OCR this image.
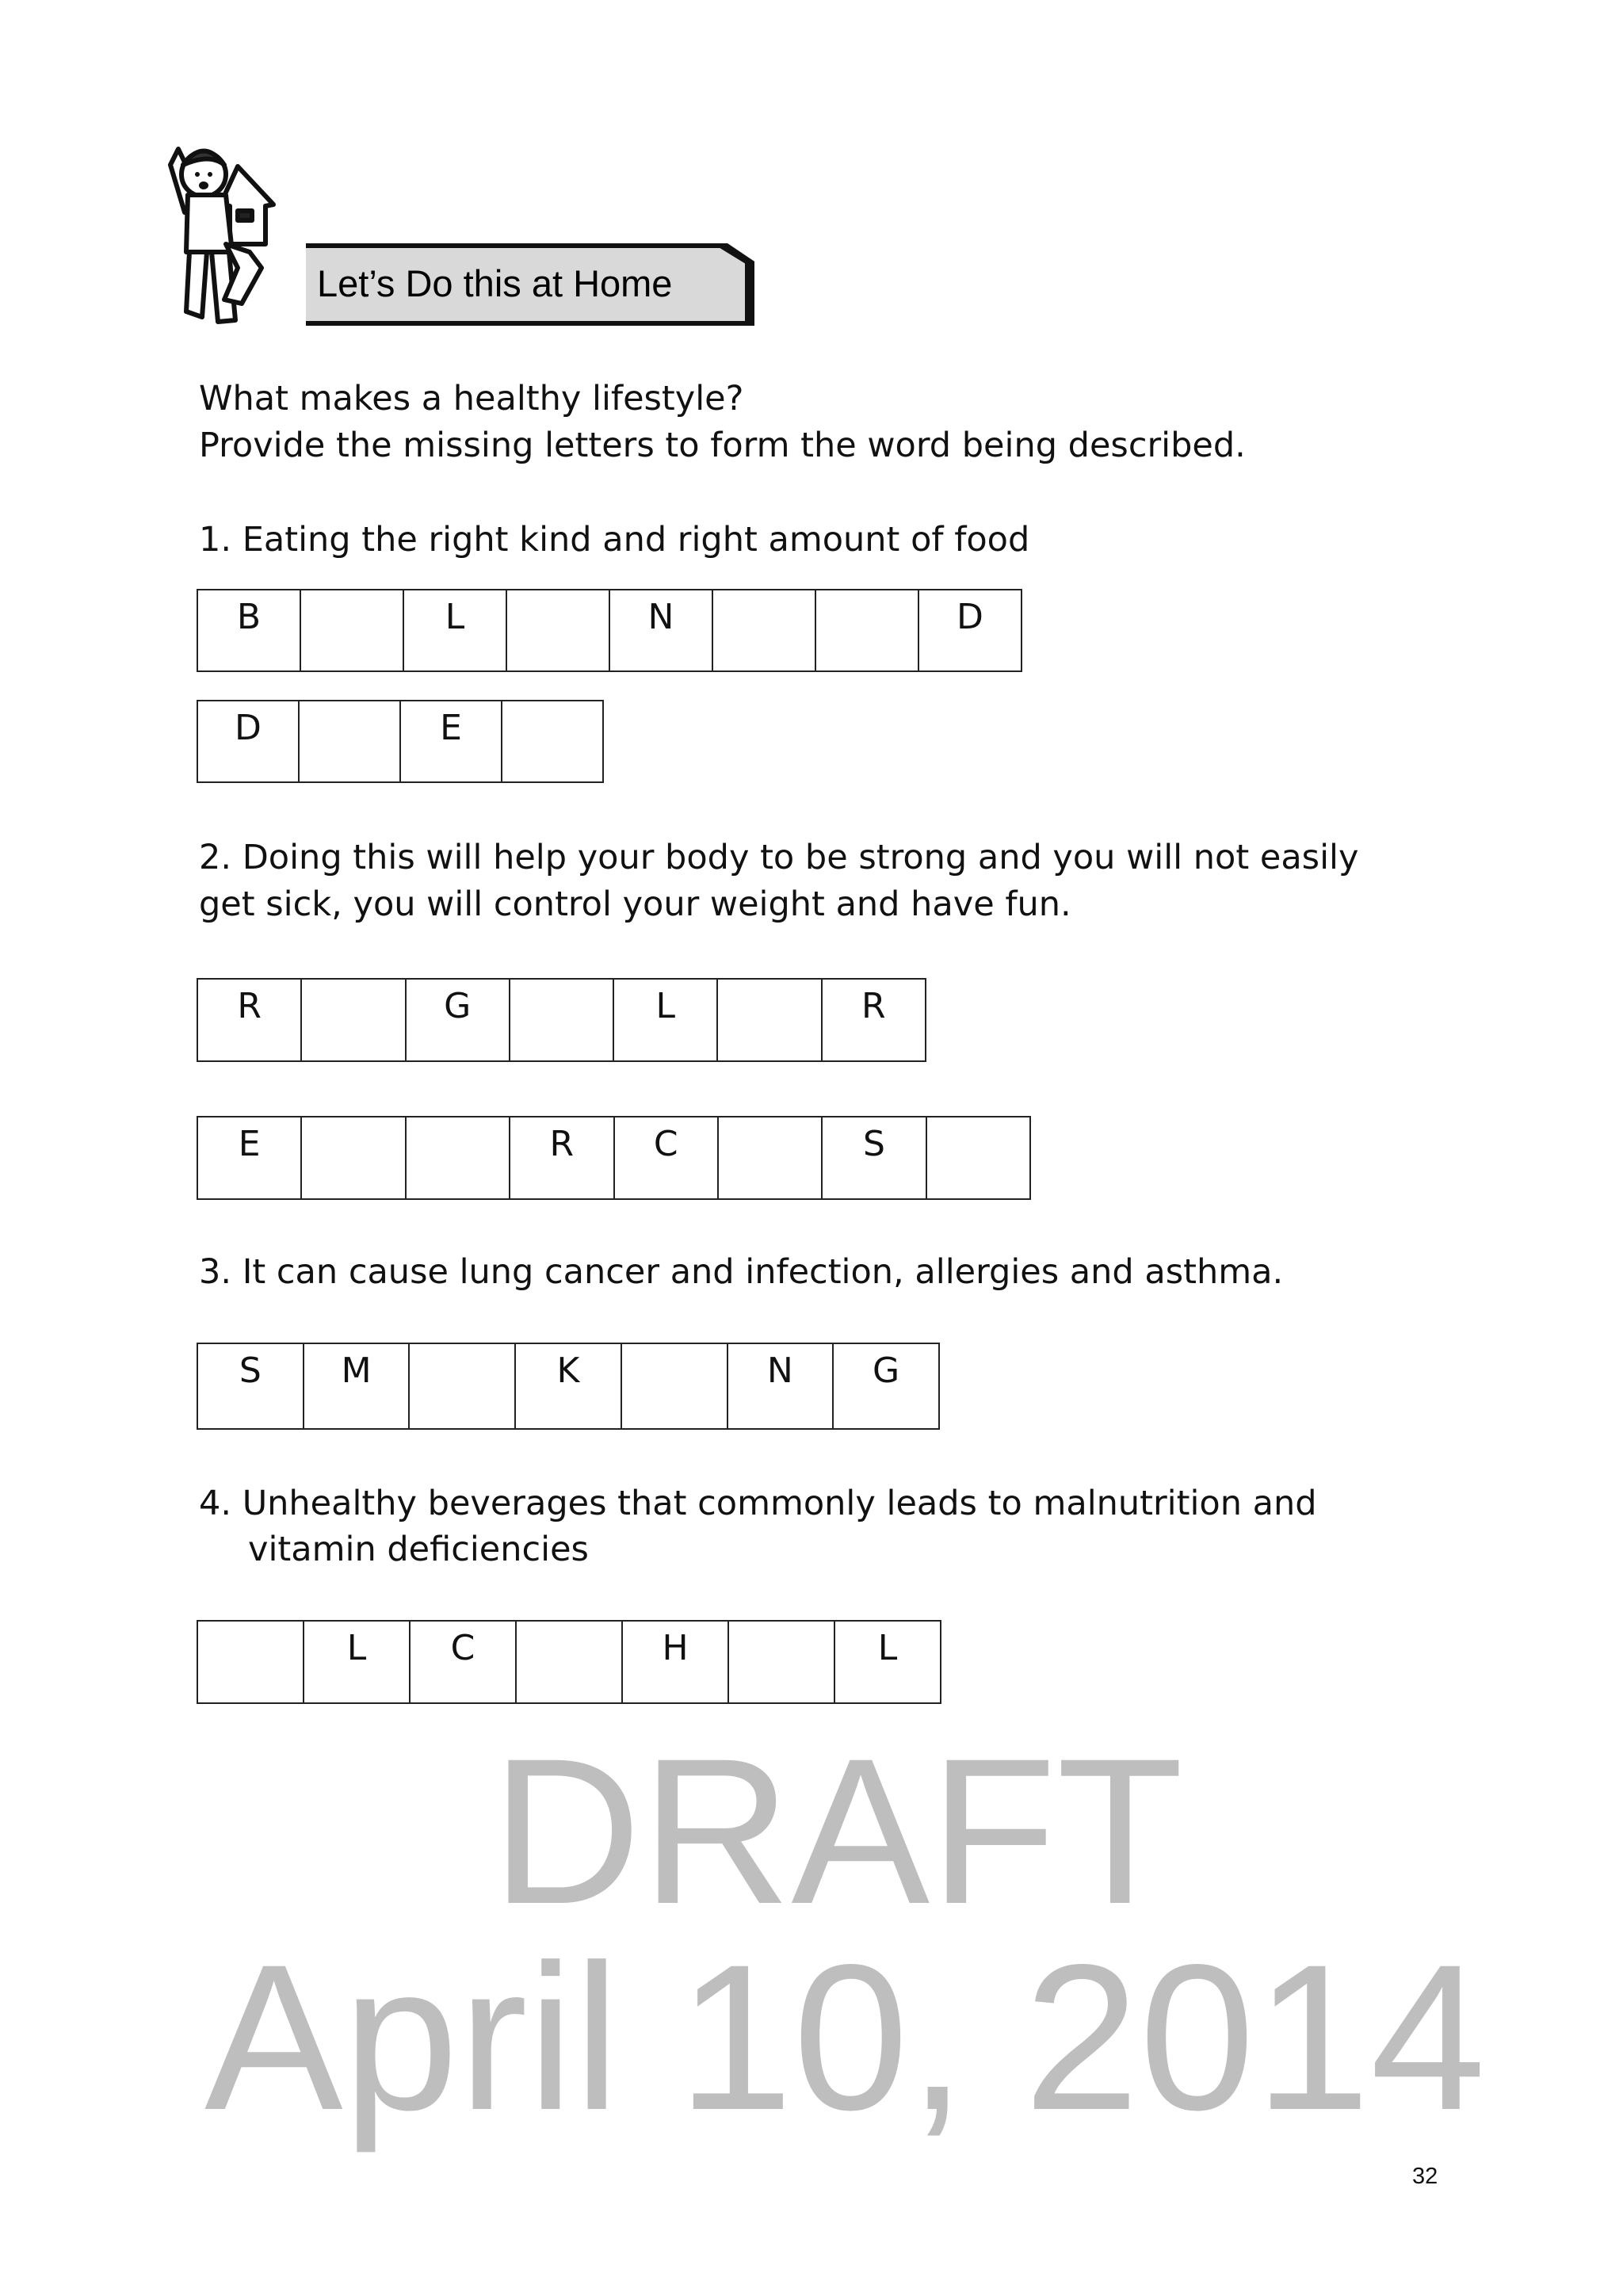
Let’s Do this at Home
What makes a healthy lifestyle?
Provide the missing letters to form the word being described.
1. Eating the right kind and right amount of food
B	L	N	D
D	E
2. Doing this will help your body to be strong and you will not easily
get sick, you will control your weight and have fun.
R	G	L	R
E	R	C	S
3. It can cause lung cancer and infection, allergies and asthma.
S	M	K	N	G
4. Unhealthy beverages that commonly leads to malnutrition and
vitamin deficiencies
L	C	H	L
DRAFT
April 10, 2014
32
